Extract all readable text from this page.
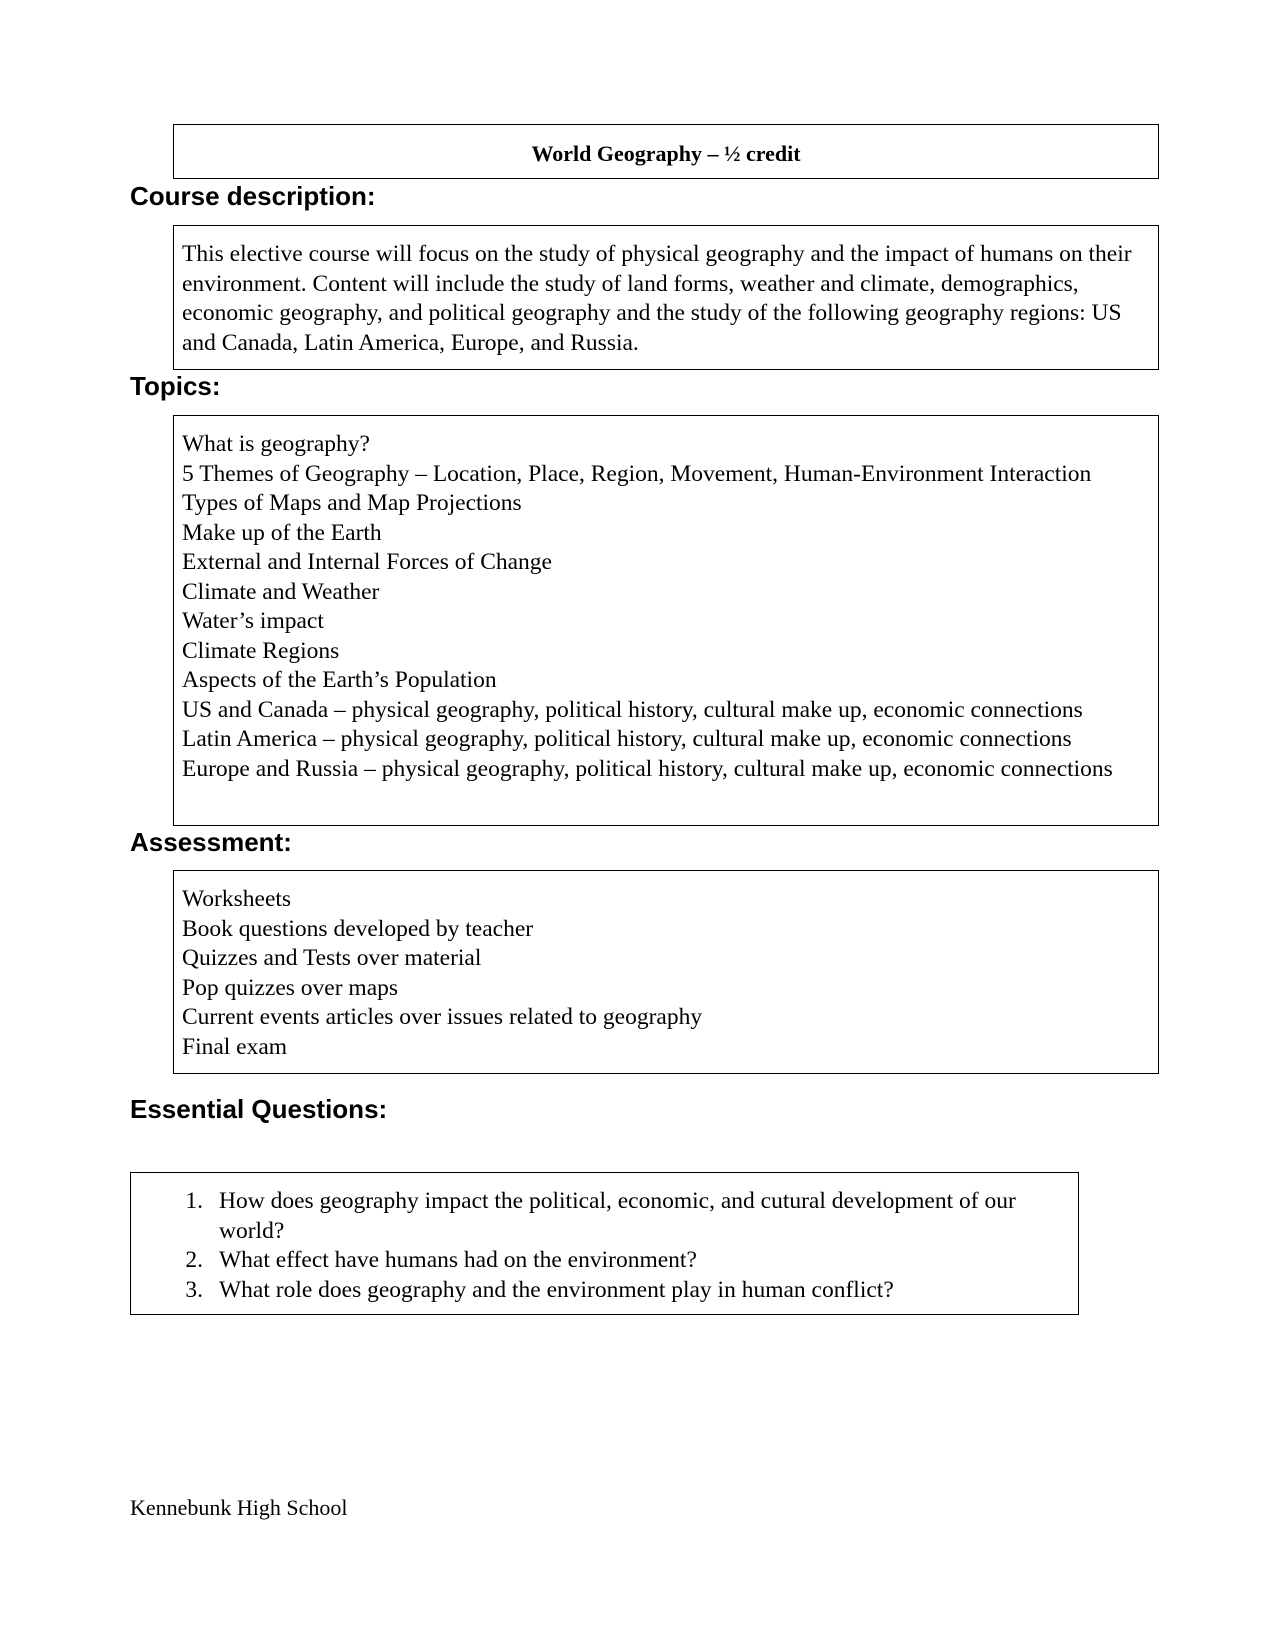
World Geography – ½ credit
Course description:
This elective course will focus on the study of physical geography and the impact of humans on their environment. Content will include the study of land forms, weather and climate, demographics, economic geography, and political geography and the study of the following geography regions: US and Canada, Latin America, Europe, and Russia.
Topics:
What is geography?
5 Themes of Geography – Location, Place, Region, Movement, Human-Environment Interaction
Types of Maps and Map Projections
Make up of the Earth
External and Internal Forces of Change
Climate and Weather
Water’s impact
Climate Regions
Aspects of the Earth’s Population
US and Canada – physical geography, political history, cultural make up, economic connections
Latin America – physical geography, political history, cultural make up, economic connections
Europe and Russia – physical geography, political history, cultural make up, economic connections
Assessment:
Worksheets
Book questions developed by teacher
Quizzes and Tests over material
Pop quizzes over maps
Current events articles over issues related to geography
Final exam
Essential Questions:
1. How does geography impact the political, economic, and cutural development of our world?
2. What effect have humans had on the environment?
3. What role does geography and the environment play in human conflict?
Kennebunk High School
